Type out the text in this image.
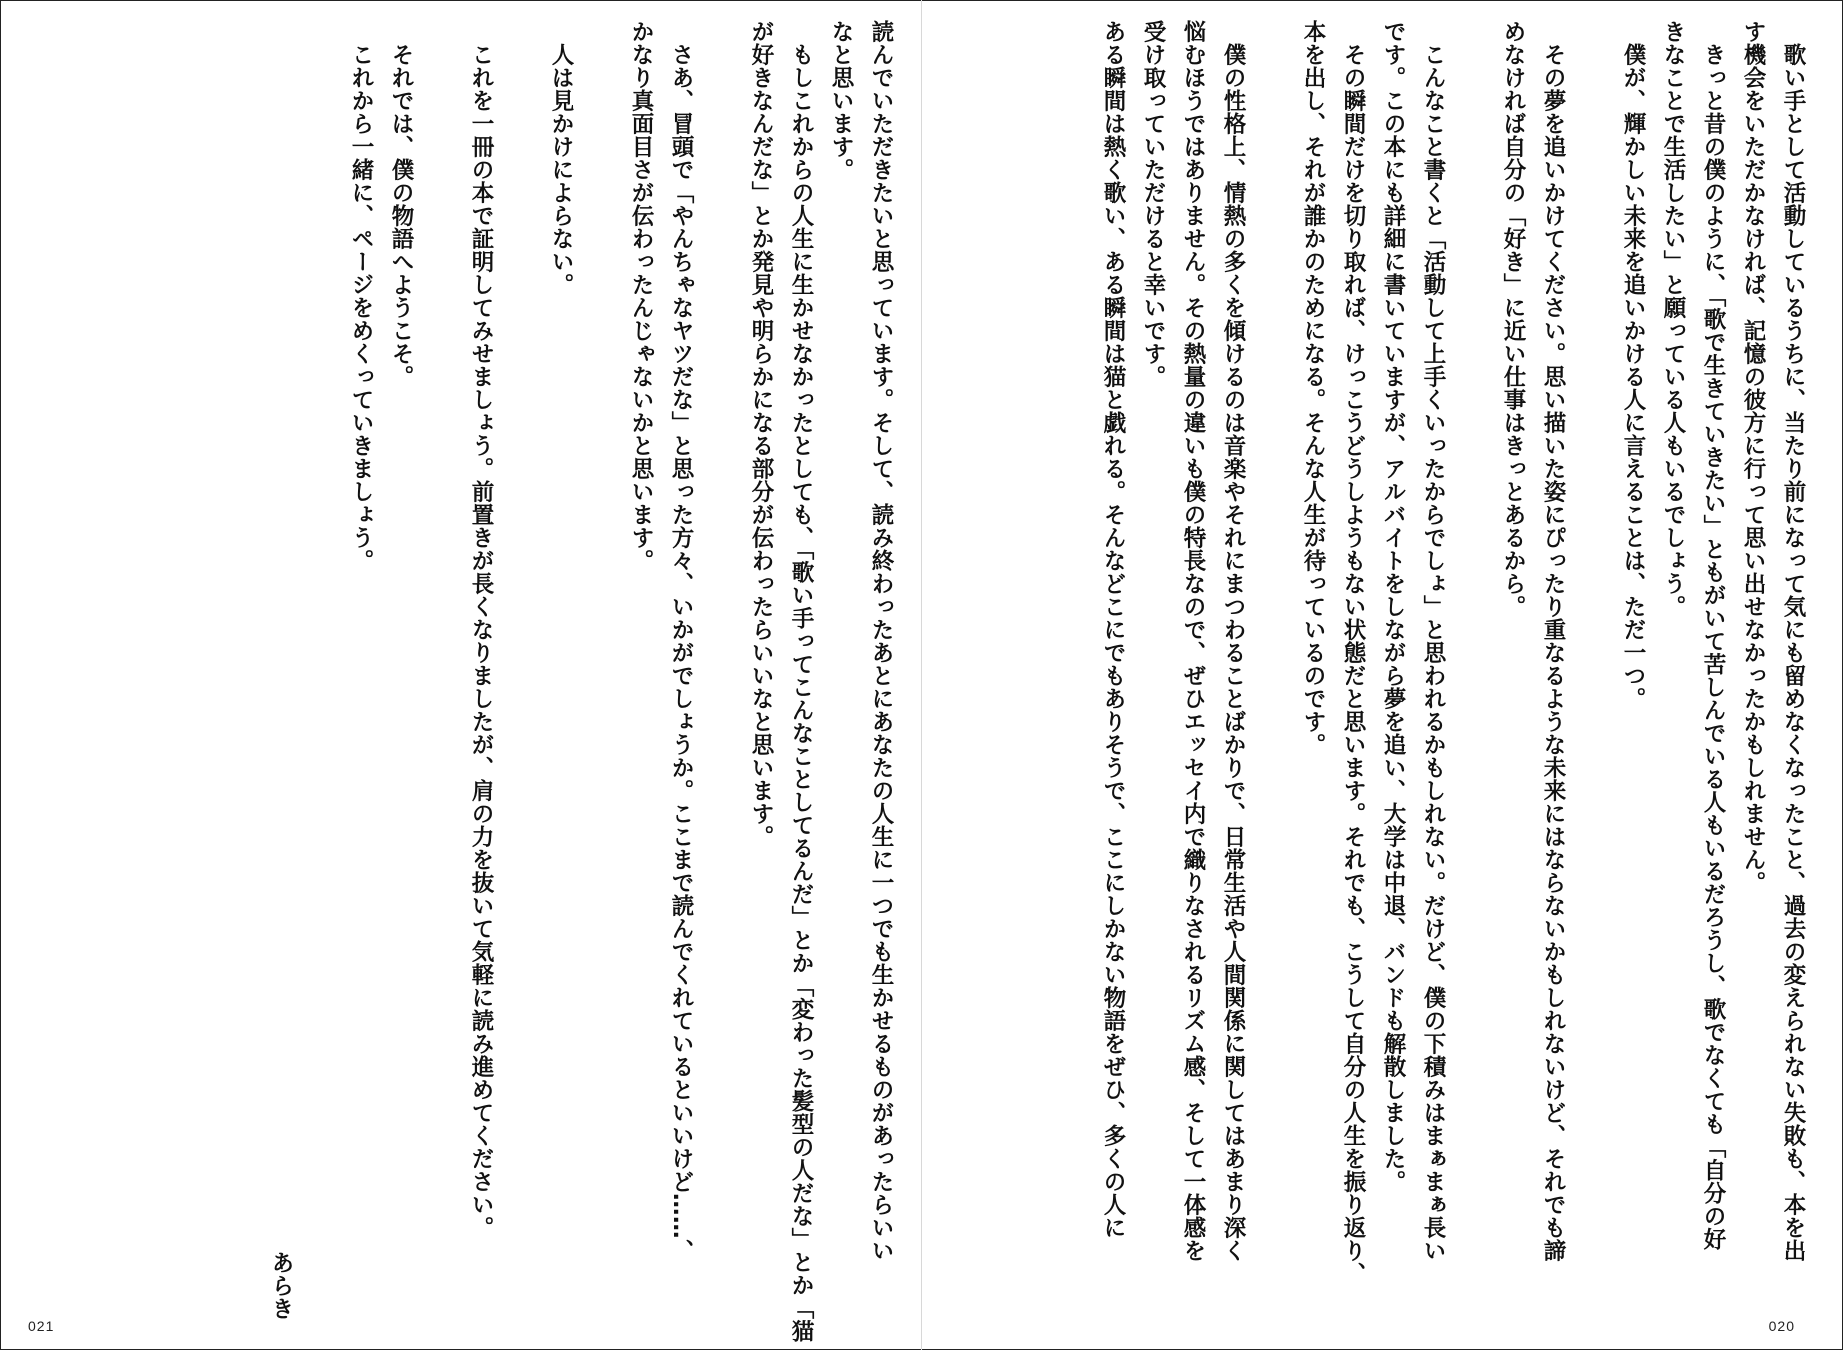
歌い手として活動しているうちに、当たり前になって気にも留めなくなったこと、過去の変えられない失敗も、本を出
す機会をいただかなければ、記憶の彼方に行って思い出せなかったかもしれません。
きっと昔の僕のように、「歌で生きていきたい」ともがいて苦しんでいる人もいるだろうし、歌でなくても「自分の好
きなことで生活したい」と願っている人もいるでしょう。
僕が、輝かしい未来を追いかける人に言えることは、ただ一つ。
その夢を追いかけてください。思い描いた姿にぴったり重なるような未来にはならないかもしれないけど、それでも諦
めなければ自分の「好き」に近い仕事はきっとあるから。
こんなこと書くと「活動して上手くいったからでしょ」と思われるかもしれない。だけど、僕の下積みはまぁまぁ長い
です。この本にも詳細に書いていますが、アルバイトをしながら夢を追い、大学は中退、バンドも解散しました。
その瞬間だけを切り取れば、けっこうどうしようもない状態だと思います。それでも、こうして自分の人生を振り返り、
本を出し、それが誰かのためになる。そんな人生が待っているのです。
僕の性格上、情熱の多くを傾けるのは音楽やそれにまつわることばかりで、日常生活や人間関係に関してはあまり深く
悩むほうではありません。その熱量の違いも僕の特長なので、ぜひエッセイ内で織りなされるリズム感、そして一体感を
受け取っていただけると幸いです。
ある瞬間は熱く歌い、ある瞬間は猫と戯れる。そんなどこにでもありそうで、ここにしかない物語をぜひ、多くの人に
020
読んでいただきたいと思っています。そして、読み終わったあとにあなたの人生に一つでも生かせるものがあったらいい
なと思います。
もしこれからの人生に生かせなかったとしても、「歌い手ってこんなことしてるんだ」とか「変わった髪型の人だな」とか「猫
が好きなんだな」とか発見や明らかになる部分が伝わったらいいなと思います。
さあ、冒頭で「やんちゃなヤツだな」と思った方々、いかがでしょうか。ここまで読んでくれているといいけど……、
かなり真面目さが伝わったんじゃないかと思います。
人は見かけによらない。
これを一冊の本で証明してみせましょう。前置きが長くなりましたが、肩の力を抜いて気軽に読み進めてください。
それでは、僕の物語へようこそ。
これから一緒に、ページをめくっていきましょう。
あらき
021
